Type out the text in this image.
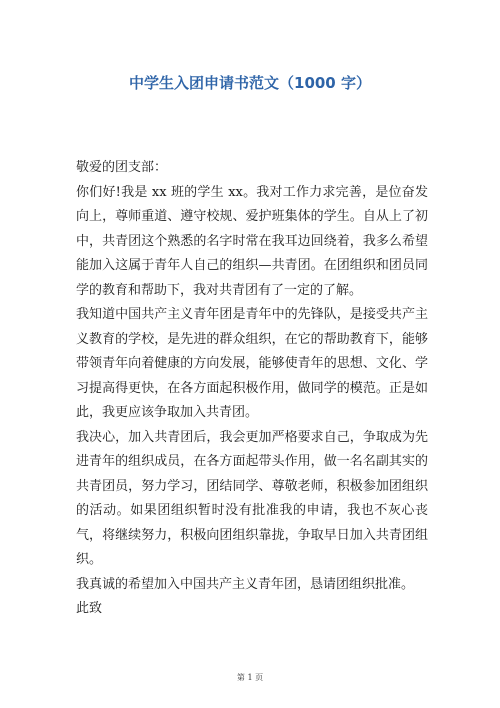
中学生入团申请书范文（1000 字）

敬爱的团支部：

你们好!我是 xx 班的学生 xx。我对工作力求完善，是位奋发向上，尊师重道、遵守校规、爱护班集体的学生。自从上了初中，共青团这个熟悉的名字时常在我耳边回绕着，我多么希望能加入这属于青年人自己的组织—共青团。在团组织和团员同学的教育和帮助下，我对共青团有了一定的了解。

我知道中国共产主义青年团是青年中的先锋队，是接受共产主义教育的学校，是先进的群众组织，在它的帮助教育下，能够带领青年向着健康的方向发展，能够使青年的思想、文化、学习提高得更快，在各方面起积极作用，做同学的模范。正是如此，我更应该争取加入共青团。

我决心，加入共青团后，我会更加严格要求自己，争取成为先进青年的组织成员，在各方面起带头作用，做一名名副其实的共青团员，努力学习，团结同学、尊敬老师，积极参加团组织的活动。如果团组织暂时没有批准我的申请，我也不灰心丧气，将继续努力，积极向团组织靠拢，争取早日加入共青团组织。

我真诚的希望加入中国共产主义青年团，恳请团组织批准。

此致

第 1 页
